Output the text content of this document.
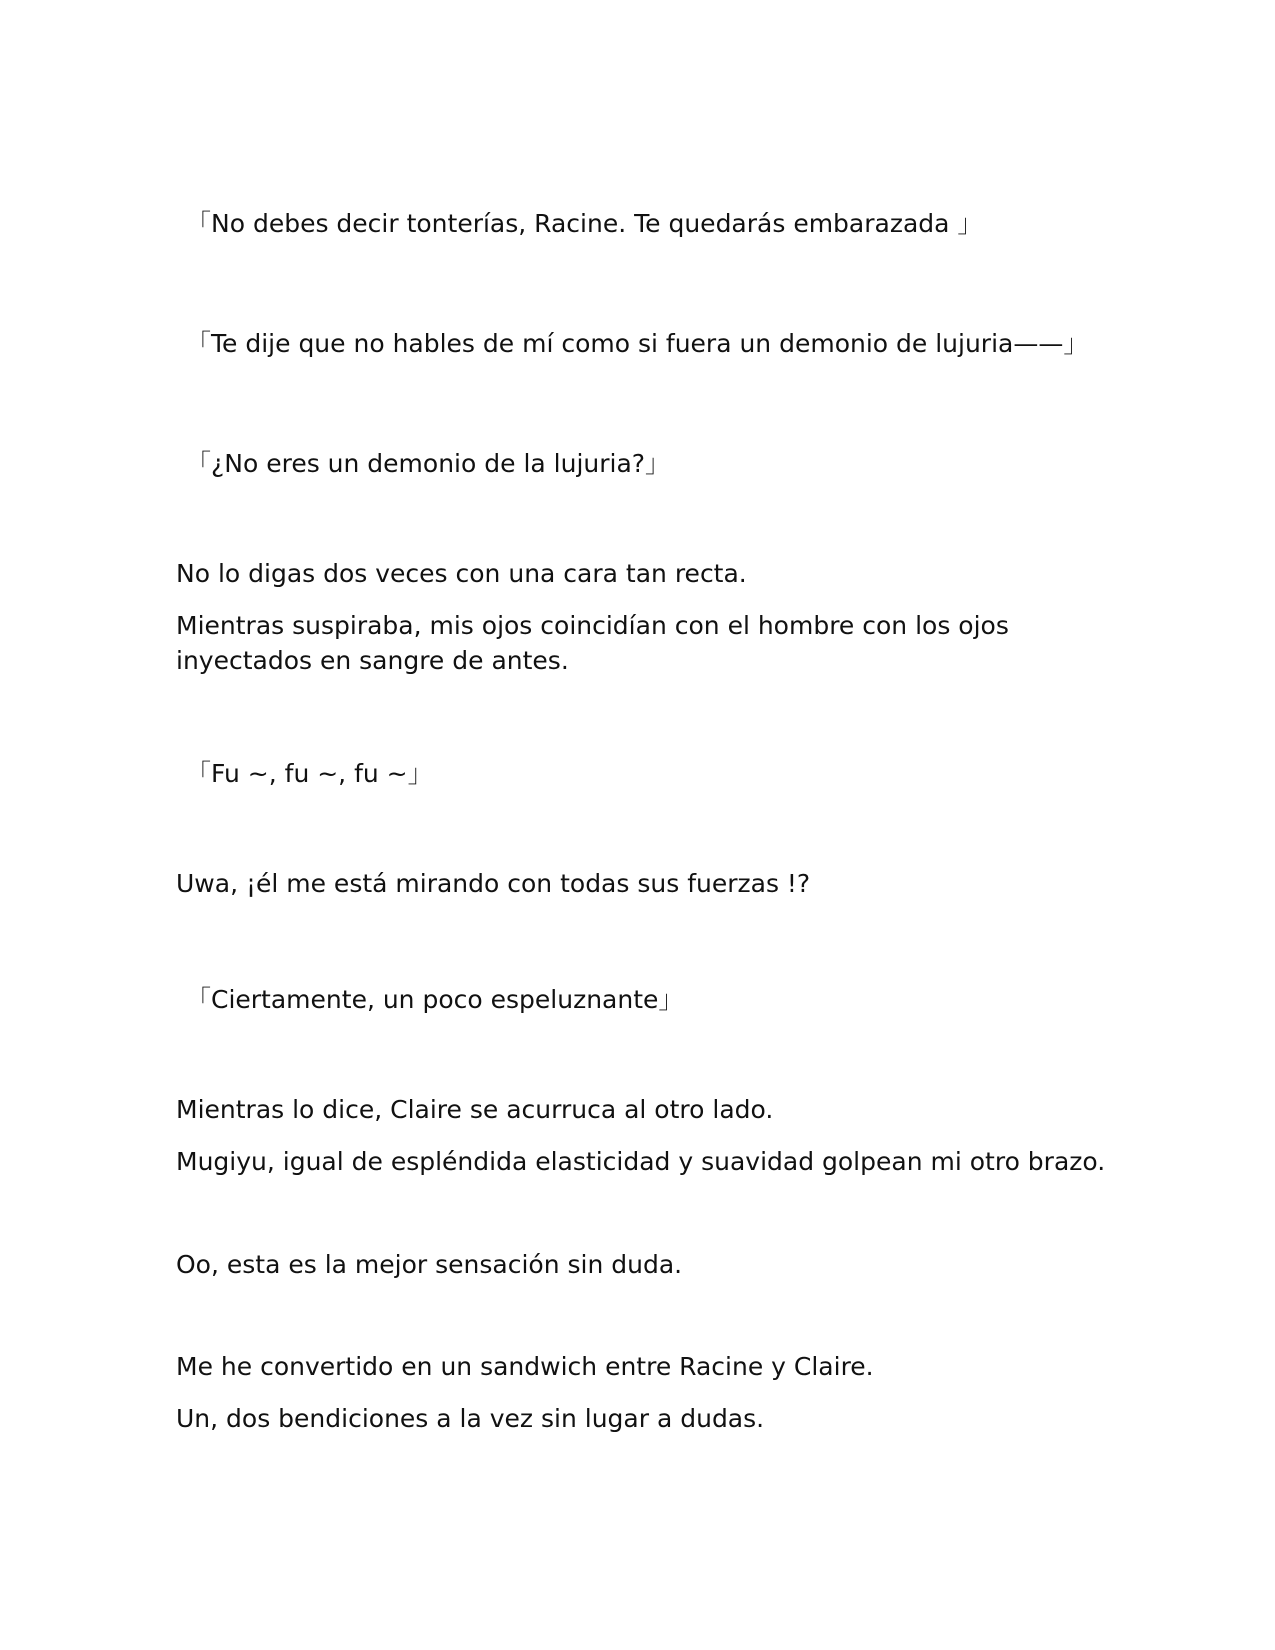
「No debes decir tonterías, Racine. Te quedarás embarazada 」

「Te dije que no hables de mí como si fuera un demonio de lujuria——」

「¿No eres un demonio de la lujuria?」

No lo digas dos veces con una cara tan recta.

Mientras suspiraba, mis ojos coincidían con el hombre con los ojos inyectados en sangre de antes.

「Fu ~, fu ~, fu ~」

Uwa, ¡él me está mirando con todas sus fuerzas !?

「Ciertamente, un poco espeluznante」

Mientras lo dice, Claire se acurruca al otro lado.

Mugiyu, igual de espléndida elasticidad y suavidad golpean mi otro brazo.

Oo, esta es la mejor sensación sin duda.

Me he convertido en un sandwich entre Racine y Claire.

Un, dos bendiciones a la vez sin lugar a dudas.
